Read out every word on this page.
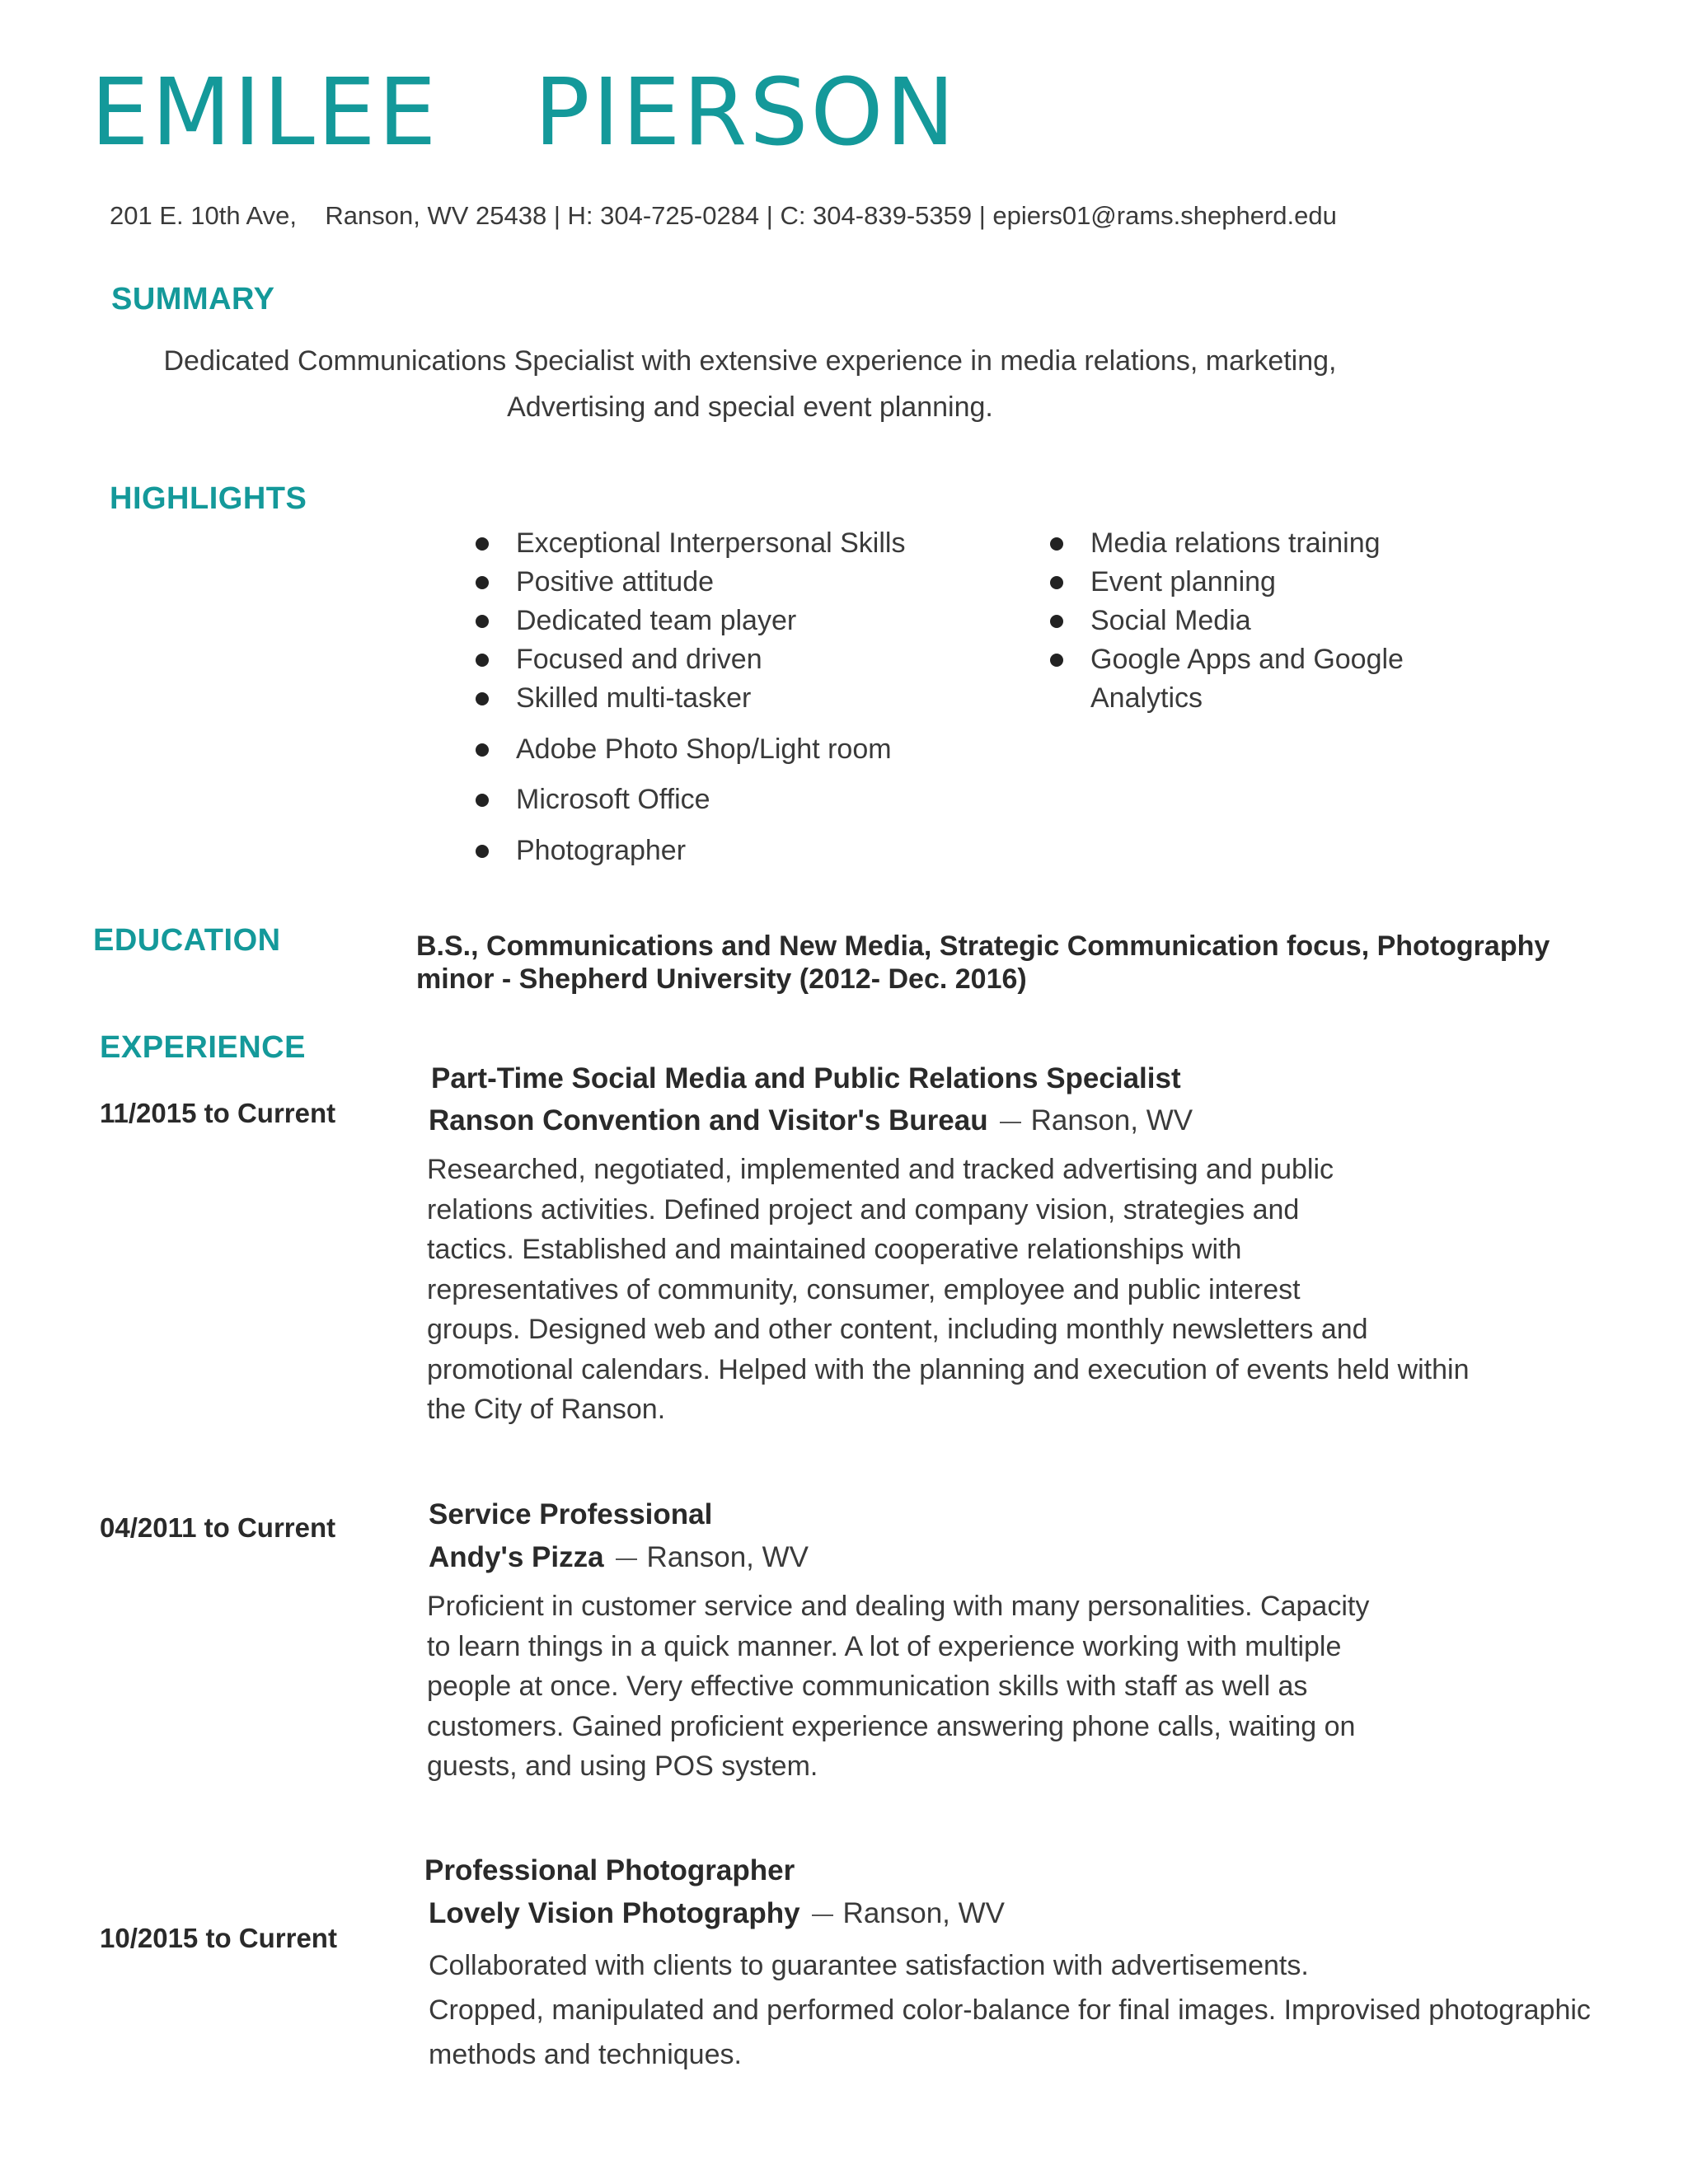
EMILEE   PIERSON
201 E. 10th Ave,    Ranson, WV 25438 | H: 304-725-0284 | C: 304-839-5359 | epiers01@rams.shepherd.edu
SUMMARY
Dedicated Communications Specialist with extensive experience in media relations, marketing,
Advertising and special event planning.
HIGHLIGHTS
Exceptional Interpersonal Skills
Positive attitude
Dedicated team player
Focused and driven
Skilled multi-tasker
Adobe Photo Shop/Light room
Microsoft Office
Photographer
Media relations training
Event planning
Social Media
Google Apps and Google Analytics
EDUCATION	B.S., Communications and New Media, Strategic Communication focus, Photography
minor - Shepherd University (2012- Dec. 2016)
EXPERIENCE
11/2015 to Current
Part-Time Social Media and Public Relations Specialist
Ranson Convention and Visitor's Bureau Ranson, WV
Researched, negotiated, implemented and tracked advertising and public
relations activities. Defined project and company vision, strategies and
tactics. Established and maintained cooperative relationships with
representatives of community, consumer, employee and public interest
groups. Designed web and other content, including monthly newsletters and
promotional calendars. Helped with the planning and execution of events held within
the City of Ranson.
04/2011 to Current	Service Professional
Andy's Pizza Ranson, WV
Proficient in customer service and dealing with many personalities. Capacity
to learn things in a quick manner. A lot of experience working with multiple
people at once. Very effective communication skills with staff as well as
customers. Gained proficient experience answering phone calls, waiting on
guests, and using POS system.
10/2015 to Current
Professional Photographer
Lovely Vision Photography Ranson, WV
Collaborated with clients to guarantee satisfaction with advertisements.
Cropped, manipulated and performed color-balance for final images. Improvised photographic
methods and techniques.
